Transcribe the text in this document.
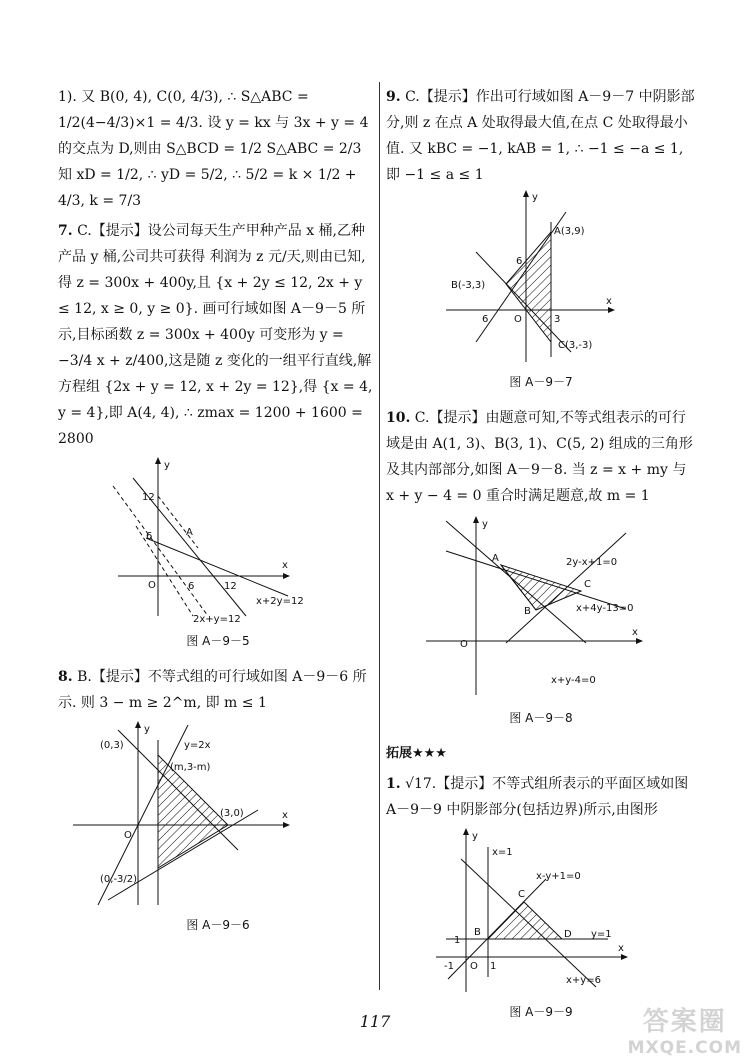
1). 又 B(0, 4), C(0, 4/3), ∴ S△ABC = 1/2(4−4/3)×1 = 4/3. 设 y = kx 与 3x + y = 4 的交点为 D,则由 S△BCD = 1/2 S△ABC = 2/3 知 xD = 1/2, ∴ yD = 5/2, ∴ 5/2 = k × 1/2 + 4/3, k = 7/3

7. C.【提示】设公司每天生产甲种产品 x 桶,乙种产品 y 桶,公司共可获得 利润为 z 元/天,则由已知,得 z = 300x + 400y,且 {x + 2y ≤ 12, 2x + y ≤ 12, x ≥ 0, y ≥ 0}. 画可行域如图 A－9－5 所示,目标函数 z = 300x + 400y 可变形为 y = −3/4 x + z/400,这是随 z 变化的一组平行直线,解方程组 {2x + y = 12, x + 2y = 12},得 {x = 4, y = 4},即 A(4, 4), ∴ zmax = 1200 + 1600 = 2800

y
x
O
12
6
6	12
A
x+2y=12
2x+y=12
图 A－9－5

8. B.【提示】不等式组的可行域如图 A－9－6 所示. 则 3 − m ≥ 2^m, 即 m ≤ 1

y
x
O
(0,3)	y=2x
(m,3-m)
(3,0)
(0,-3/2)
图 A－9－6

9. C.【提示】作出可行域如图 A－9－7 中阴影部分,则 z 在点 A 处取得最大值,在点 C 处取得最小值. 又 kBC = −1, kAB = 1, ∴ −1 ≤ −a ≤ 1,即 −1 ≤ a ≤ 1

y
x
O
A(3,9)
B(-3,3)
C(3,-3)
6
6	3
图 A－9－7

10. C.【提示】由题意可知,不等式组表示的可行域是由 A(1, 3)、B(3, 1)、C(5, 2) 组成的三角形及其内部部分,如图 A－9－8. 当 z = x + my 与 x + y − 4 = 0 重合时满足题意,故 m = 1

y
x
O
A
B
C
2y-x+1=0
x+4y-13=0
x+y-4=0
图 A－9－8
拓展★★★

1. √17.【提示】不等式组所表示的平面区域如图 A－9－9 中阴影部分(包括边界)所示,由图形

y
x
O
B
C
D
x=1
x-y+1=0
y=1
x+y=6
1
1
-1
图 A－9－9
117	答案圈
MXQE.COM
